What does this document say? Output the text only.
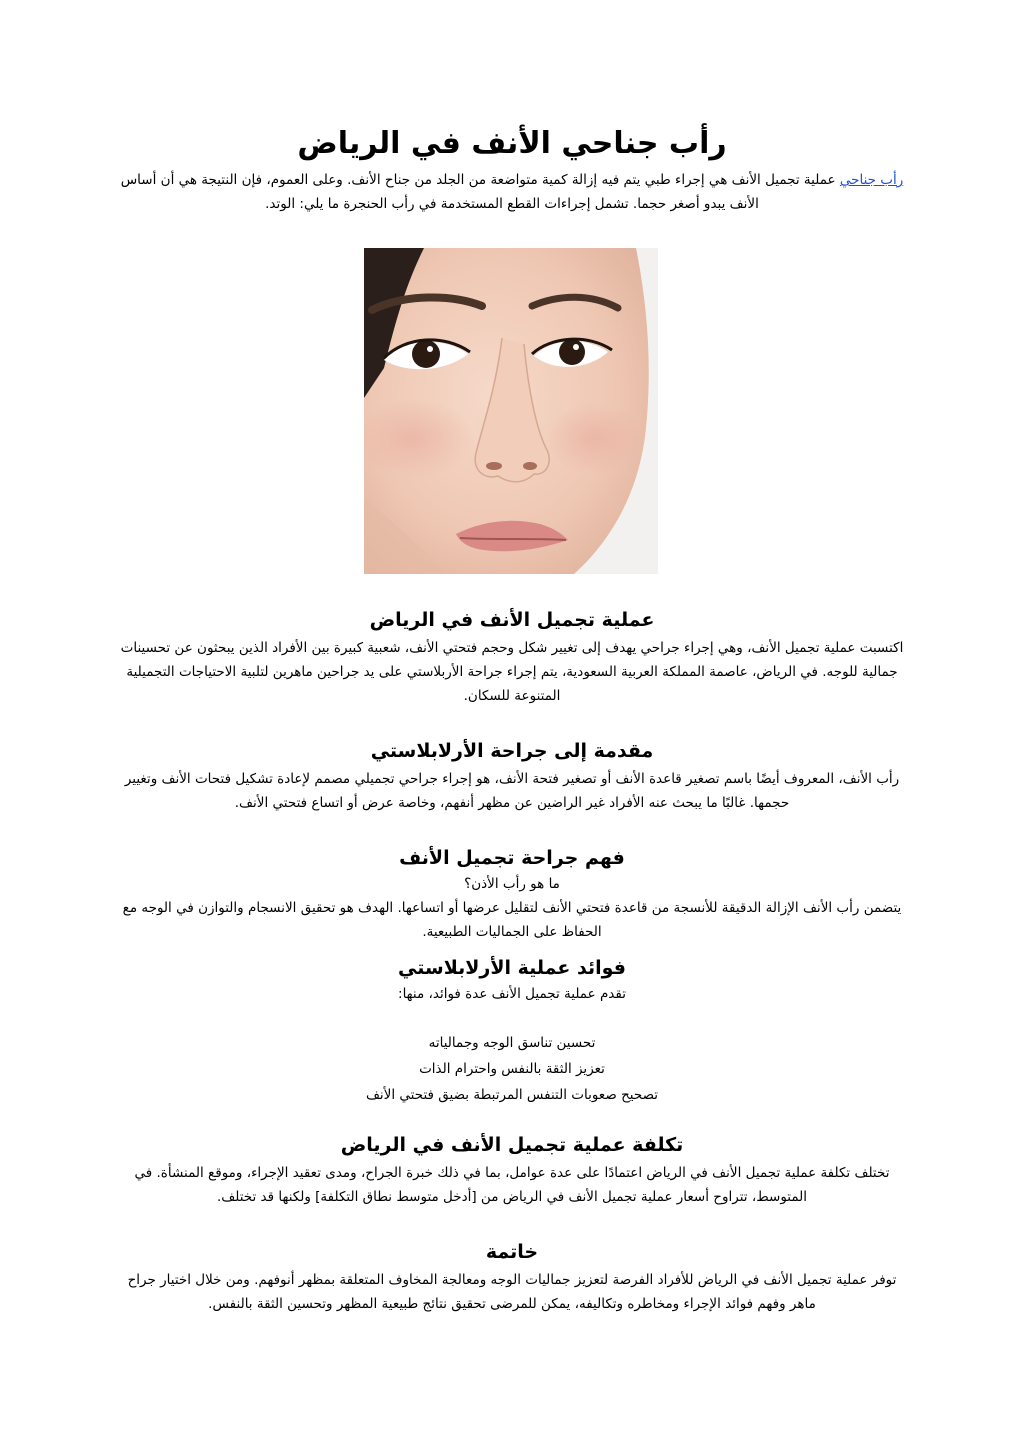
رأب جناحي الأنف في الرياض

رأب جناحي عملية تجميل الأنف هي إجراء طبي يتم فيه إزالة كمية متواضعة من الجلد من جناح الأنف. وعلى العموم، فإن النتيجة هي أن أساس الأنف يبدو أصغر حجما. تشمل إجراءات القطع المستخدمة في رأب الحنجرة ما يلي: الوتد.

عملية تجميل الأنف في الرياض

اكتسبت عملية تجميل الأنف، وهي إجراء جراحي يهدف إلى تغيير شكل وحجم فتحتي الأنف، شعبية كبيرة بين الأفراد الذين يبحثون عن تحسينات جمالية للوجه. في الرياض، عاصمة المملكة العربية السعودية، يتم إجراء جراحة الأربلاستي على يد جراحين ماهرين لتلبية الاحتياجات التجميلية المتنوعة للسكان.

مقدمة إلى جراحة الأرلابلاستي

رأب الأنف، المعروف أيضًا باسم تصغير قاعدة الأنف أو تصغير فتحة الأنف، هو إجراء جراحي تجميلي مصمم لإعادة تشكيل فتحات الأنف وتغيير حجمها. غالبًا ما يبحث عنه الأفراد غير الراضين عن مظهر أنفهم، وخاصة عرض أو اتساع فتحتي الأنف.

فهم جراحة تجميل الأنف

ما هو رأب الأذن؟

يتضمن رأب الأنف الإزالة الدقيقة للأنسجة من قاعدة فتحتي الأنف لتقليل عرضها أو اتساعها. الهدف هو تحقيق الانسجام والتوازن في الوجه مع الحفاظ على الجماليات الطبيعية.

فوائد عملية الأرلابلاستي

تقدم عملية تجميل الأنف عدة فوائد، منها:

تحسين تناسق الوجه وجمالياته
تعزيز الثقة بالنفس واحترام الذات
تصحيح صعوبات التنفس المرتبطة بضيق فتحتي الأنف
تكلفة عملية تجميل الأنف في الرياض

تختلف تكلفة عملية تجميل الأنف في الرياض اعتمادًا على عدة عوامل، بما في ذلك خبرة الجراح، ومدى تعقيد الإجراء، وموقع المنشأة. في المتوسط، تتراوح أسعار عملية تجميل الأنف في الرياض من [أدخل متوسط نطاق التكلفة] ولكنها قد تختلف.

خاتمة

توفر عملية تجميل الأنف في الرياض للأفراد الفرصة لتعزيز جماليات الوجه ومعالجة المخاوف المتعلقة بمظهر أنوفهم. ومن خلال اختيار جراح ماهر وفهم فوائد الإجراء ومخاطره وتكاليفه، يمكن للمرضى تحقيق نتائج طبيعية المظهر وتحسين الثقة بالنفس.
